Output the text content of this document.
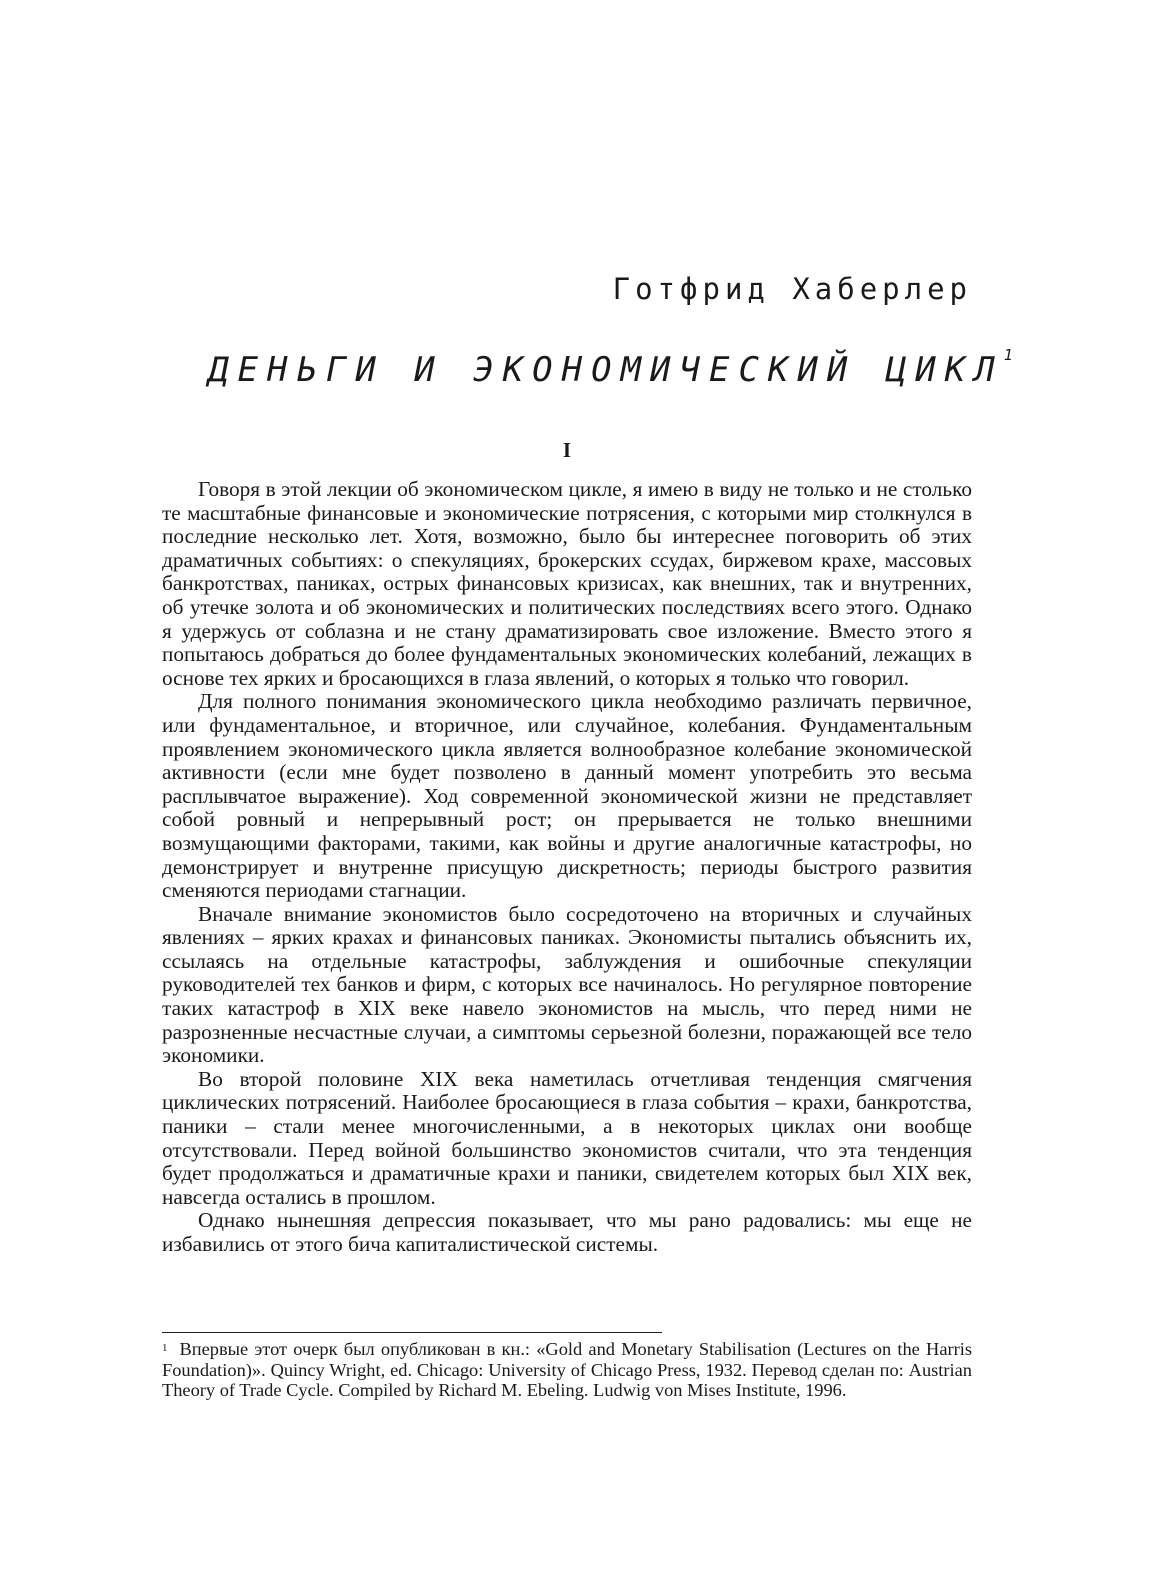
Готфрид Хаберлер
ДЕНЬГИ И ЭКОНОМИЧЕСКИЙ ЦИКЛ$^1$
I

Говоря в этой лекции об экономическом цикле, я имею в виду не только и не столько те масштабные финансовые и экономические потрясения, с которыми мир столкнулся в последние несколько лет. Хотя, возможно, было бы интереснее поговорить об этих драматичных событиях: о спекуляциях, брокерских ссудах, биржевом крахе, массовых банкротствах, паниках, острых финансовых кризисах, как внешних, так и внутренних, об утечке золота и об экономических и политических последствиях всего этого. Однако я удержусь от соблазна и не стану драматизировать свое изложение. Вместо этого я попытаюсь добраться до более фундаментальных экономических колебаний, лежащих в основе тех ярких и бросающихся в глаза явлений, о которых я только что говорил.

Для полного понимания экономического цикла необходимо различать первичное, или фундаментальное, и вторичное, или случайное, колебания. Фундаментальным проявлением экономического цикла является волнообразное колебание экономической активности (если мне будет позволено в данный момент употребить это весьма расплывчатое выражение). Ход современной экономической жизни не представляет собой ровный и непрерывный рост; он прерывается не только внешними возмущающими факторами, такими, как войны и другие аналогичные катастрофы, но демонстрирует и внутренне присущую дискретность; периоды быстрого развития сменяются периодами стагнации.

Вначале внимание экономистов было сосредоточено на вторичных и случайных явлениях – ярких крахах и финансовых паниках. Экономисты пытались объяснить их, ссылаясь на отдельные катастрофы, заблуждения и ошибочные спекуляции руководителей тех банков и фирм, с которых все начиналось. Но регулярное повторение таких катастроф в XIX веке навело экономистов на мысль, что перед ними не разрозненные несчастные случаи, а симптомы серьезной болезни, поражающей все тело экономики.

Во второй половине XIX века наметилась отчетливая тенденция смягчения циклических потрясений. Наиболее бросающиеся в глаза события – крахи, банкротства, паники – стали менее многочисленными, а в некоторых циклах они вообще отсутствовали. Перед войной большинство экономистов считали, что эта тенденция будет продолжаться и драматичные крахи и паники, свидетелем которых был XIX век, навсегда остались в прошлом.

Однако нынешняя депрессия показывает, что мы рано радовались: мы еще не избавились от этого бича капиталистической системы.

$^1$ Впервые этот очерк был опубликован в кн.: «Gold and Monetary Stabilisation (Lectures on the Harris Foundation)». Quincy Wright, ed. Chicago: University of Chicago Press, 1932. Перевод сделан по: Austrian Theory of Trade Cycle. Compiled by Richard M. Ebeling. Ludwig von Mises Institute, 1996.
